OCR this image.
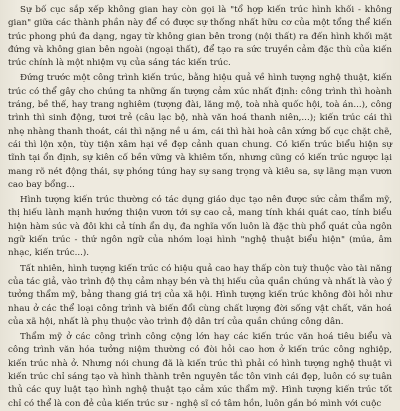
Sự bố cục sắp xếp không gian hay còn gọi là "tổ hợp kiến trúc hình khối - không gian" giữa các thành phần này để có được sự thống nhất hữu cơ của một tổng thể kiến trúc phong phú đa dạng, ngay từ không gian bên trong (nội thất) ra đến hình khối mặt đứng và không gian bên ngoài (ngoại thất), để tạo ra sức truyền cảm đặc thù của kiến trúc chính là một nhiệm vụ của sáng tác kiến trúc.

Đứng trước một công trình kiến trúc, bằng hiệu quả về hình tượng nghệ thuật, kiến trúc có thể gây cho chúng ta những ấn tượng cảm xúc nhất định: công trình thì hoành tráng, bề thế, hay trang nghiêm (tượng đài, lăng mộ, toà nhà quốc hội, toà án...), công trình thì sinh động, tươi trẻ (câu lạc bộ, nhà văn hoá thanh niên,...); kiến trúc cái thì nhẹ nhàng thanh thoát, cái thì nặng nề u ám, cái thì hài hoà cân xứng bố cục chặt chẽ, cái thì lộn xộn, tùy tiện xâm hại về đẹp cảnh quan chung. Có kiến trúc biểu hiện sự tĩnh tại ổn định, sự kiên cố bền vững và khiêm tốn, nhưng cũng có kiến trúc ngược lại mang rõ nét động thái, sự phóng túng hay sự sang trọng và kiêu sa, sự lãng mạn vươn cao bay bổng...

Hình tượng kiến trúc thường có tác dụng giáo dục tạo nên được sức cảm thẩm mỹ, thị hiếu lành mạnh hướng thiện vươn tới sự cao cả, mang tính khái quát cao, tính biểu hiện hàm súc và đôi khi cả tính ẩn dụ, đa nghĩa vốn luôn là đặc thù phổ quát của ngôn ngữ kiến trúc - thứ ngôn ngữ của nhóm loại hình "nghệ thuật biểu hiện" (múa, âm nhạc, kiến trúc...).

Tất nhiên, hình tượng kiến trúc có hiệu quả cao hay thấp còn tuỳ thuộc vào tài năng của tác giả, vào trình độ thụ cảm nhạy bén và thị hiếu của quần chúng và nhất là vào ý tưởng thẩm mỹ, bảng thang giá trị của xã hội. Hình tượng kiến trúc không đòi hỏi như nhau ở các thể loại công trình và biến đổi cùng chất lượng đời sống vật chất, văn hoá của xã hội, nhất là phụ thuộc vào trình độ dân trí của quần chúng công dân.

Thẩm mỹ ở các công trình công cộng lớn hay các kiến trúc văn hoá tiêu biểu và công trình văn hóa tưởng niệm thường có đòi hỏi cao hơn ở kiến trúc công nghiệp, kiến trúc nhà ở. Nhưng nói chung đã là kiến trúc thì phải có hình tượng nghệ thuật vì kiến trúc chỉ sáng tạo và hình thành trên nguyên tắc tôn vinh cái đẹp, luôn có sự tuân thủ các quy luật tạo hình nghệ thuật tạo cảm xúc thẩm mỹ. Hình tượng kiến trúc tốt chỉ có thể là con đẻ của kiến trúc sư - nghệ sĩ có tâm hồn, luôn gắn bó mình với cuộc
